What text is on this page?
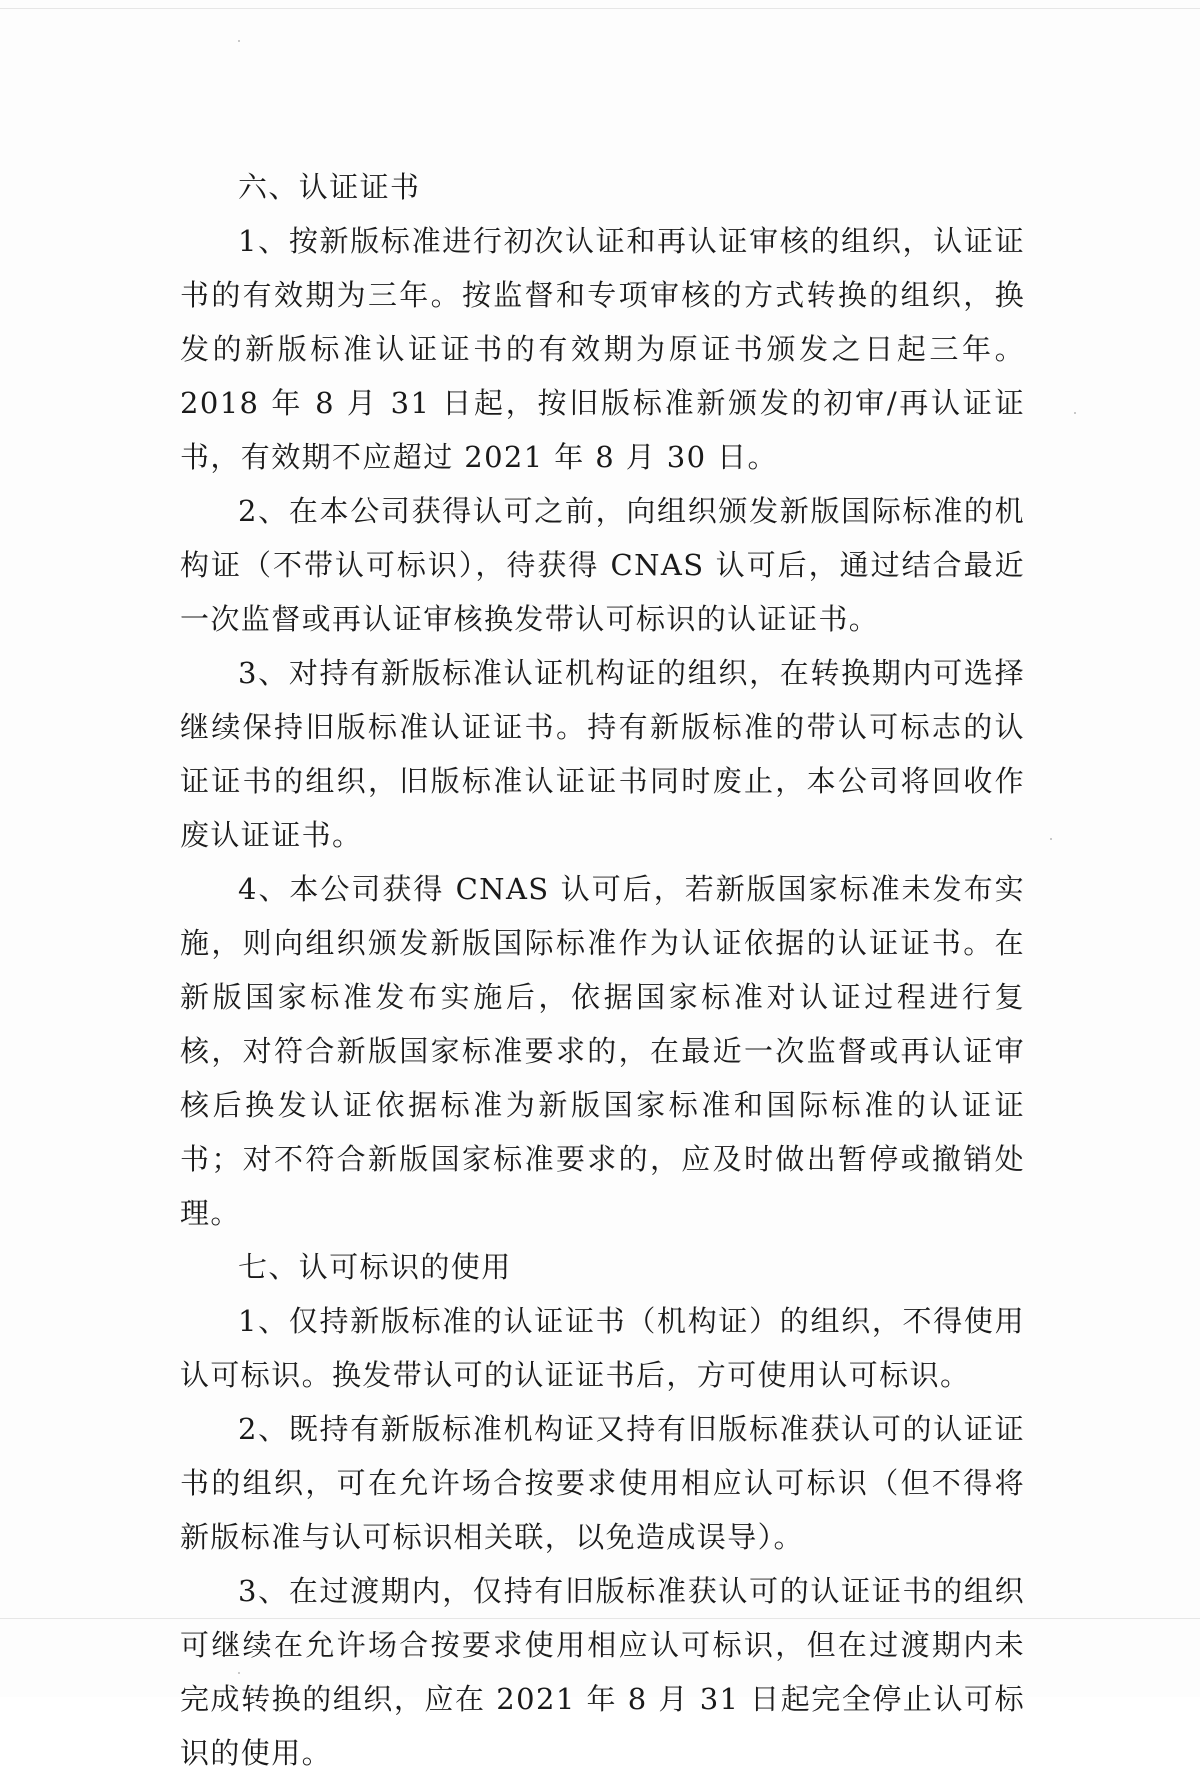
六、认证证书

1、按新版标准进行初次认证和再认证审核的组织，认证证书的有效期为三年。按监督和专项审核的方式转换的组织，换发的新版标准认证证书的有效期为原证书颁发之日起三年。2018 年 8 月 31 日起，按旧版标准新颁发的初审/再认证证书，有效期不应超过 2021 年 8 月 30 日。

2、在本公司获得认可之前，向组织颁发新版国际标准的机构证（不带认可标识），待获得 CNAS 认可后，通过结合最近一次监督或再认证审核换发带认可标识的认证证书。

3、对持有新版标准认证机构证的组织，在转换期内可选择继续保持旧版标准认证证书。持有新版标准的带认可标志的认证证书的组织，旧版标准认证证书同时废止，本公司将回收作废认证证书。

4、本公司获得 CNAS 认可后，若新版国家标准未发布实施，则向组织颁发新版国际标准作为认证依据的认证证书。在新版国家标准发布实施后，依据国家标准对认证过程进行复核，对符合新版国家标准要求的，在最近一次监督或再认证审核后换发认证依据标准为新版国家标准和国际标准的认证证书；对不符合新版国家标准要求的，应及时做出暂停或撤销处理。

七、认可标识的使用

1、仅持新版标准的认证证书（机构证）的组织，不得使用认可标识。换发带认可的认证证书后，方可使用认可标识。

2、既持有新版标准机构证又持有旧版标准获认可的认证证书的组织，可在允许场合按要求使用相应认可标识（但不得将新版标准与认可标识相关联，以免造成误导）。

3、在过渡期内，仅持有旧版标准获认可的认证证书的组织可继续在允许场合按要求使用相应认可标识，但在过渡期内未完成转换的组织，应在 2021 年 8 月 31 日起完全停止认可标识的使用。
